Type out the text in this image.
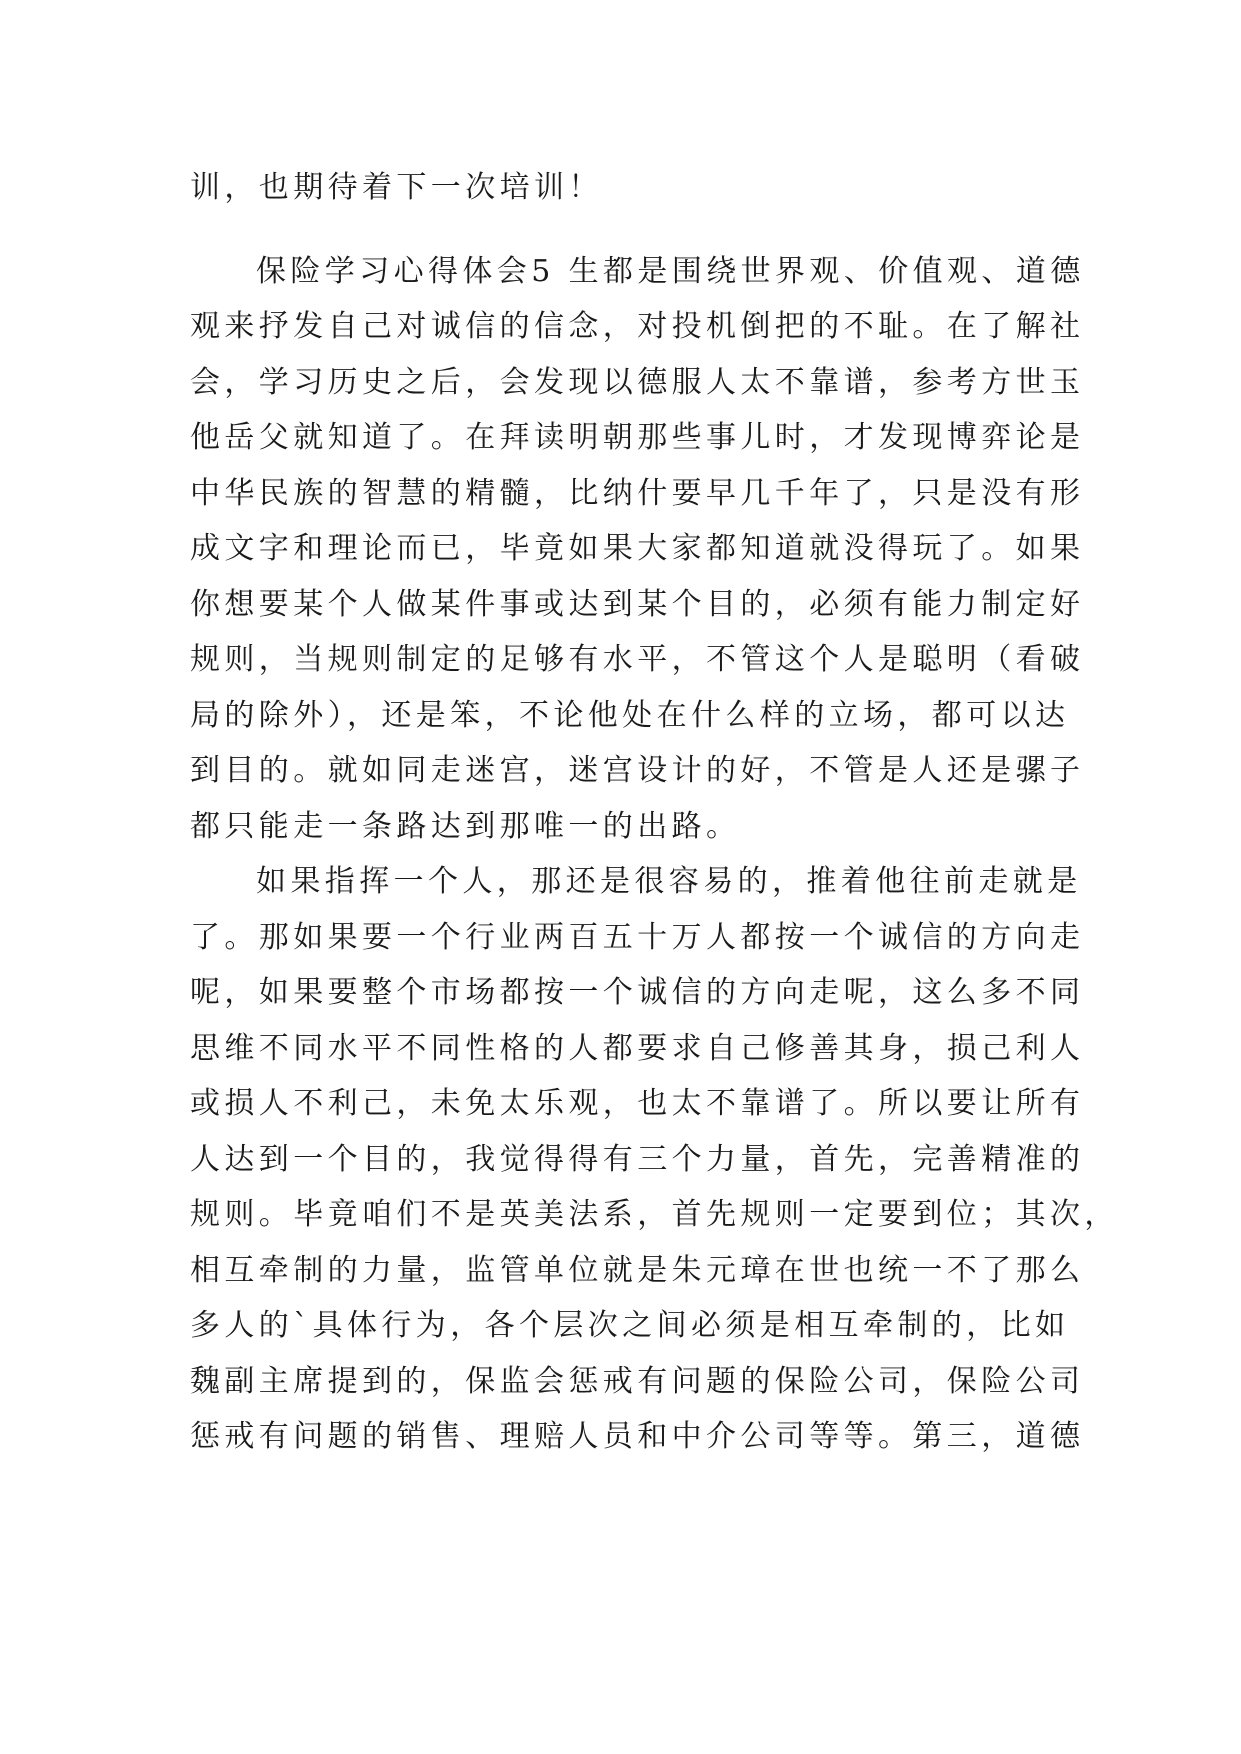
训，也期待着下一次培训！
保险学习心得体会5 生都是围绕世界观、价值观、道德
观来抒发自己对诚信的信念，对投机倒把的不耻。在了解社
会，学习历史之后，会发现以德服人太不靠谱，参考方世玉
他岳父就知道了。在拜读明朝那些事儿时，才发现博弈论是
中华民族的智慧的精髓，比纳什要早几千年了，只是没有形
成文字和理论而已，毕竟如果大家都知道就没得玩了。如果
你想要某个人做某件事或达到某个目的，必须有能力制定好
规则，当规则制定的足够有水平，不管这个人是聪明（看破
局的除外），还是笨，不论他处在什么样的立场，都可以达
到目的。就如同走迷宫，迷宫设计的好，不管是人还是骡子
都只能走一条路达到那唯一的出路。
如果指挥一个人，那还是很容易的，推着他往前走就是
了。那如果要一个行业两百五十万人都按一个诚信的方向走
呢，如果要整个市场都按一个诚信的方向走呢，这么多不同
思维不同水平不同性格的人都要求自己修善其身，损己利人
或损人不利己，未免太乐观，也太不靠谱了。所以要让所有
人达到一个目的，我觉得得有三个力量，首先，完善精准的
规则。毕竟咱们不是英美法系，首先规则一定要到位；其次，
相互牵制的力量，监管单位就是朱元璋在世也统一不了那么
多人的`具体行为，各个层次之间必须是相互牵制的，比如
魏副主席提到的，保监会惩戒有问题的保险公司，保险公司
惩戒有问题的销售、理赔人员和中介公司等等。第三，道德
